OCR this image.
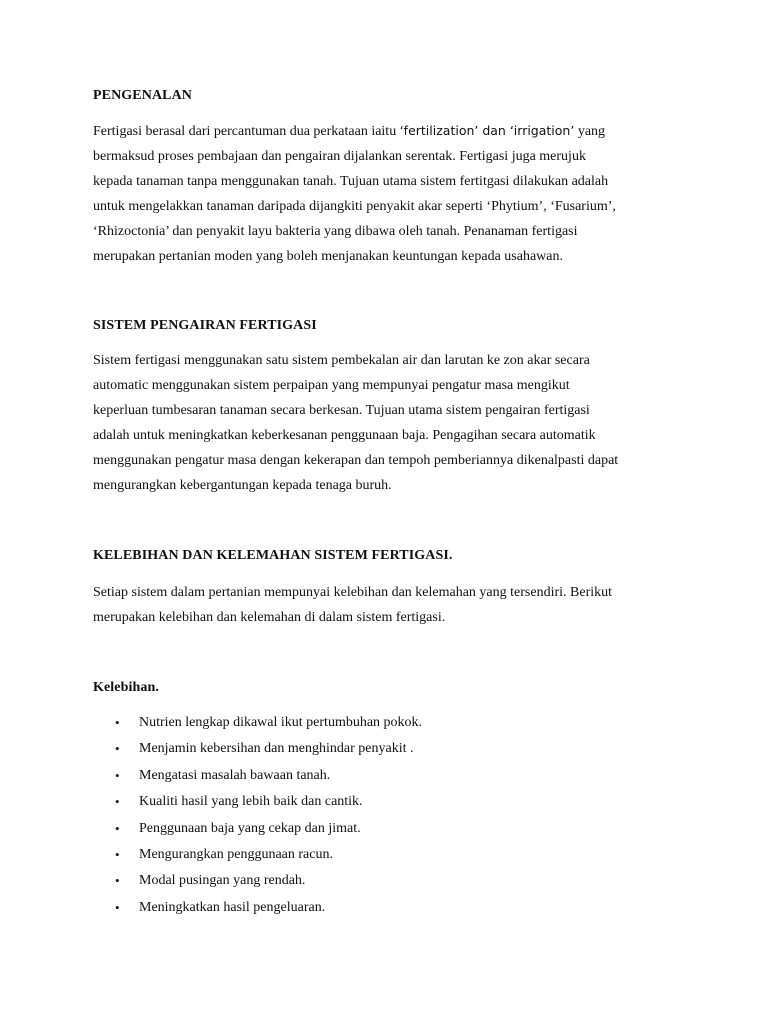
PENGENALAN

Fertigasi berasal dari percantuman dua perkataan iaitu ‘fertilization’ dan ‘irrigation’ yang
bermaksud proses pembajaan dan pengairan dijalankan serentak. Fertigasi juga merujuk
kepada tanaman tanpa menggunakan tanah. Tujuan utama sistem fertitgasi dilakukan adalah
untuk mengelakkan tanaman daripada dijangkiti penyakit akar seperti ‘Phytium’, ‘Fusarium’,
‘Rhizoctonia’ dan penyakit layu bakteria yang dibawa oleh tanah. Penanaman fertigasi
merupakan pertanian moden yang boleh menjanakan keuntungan kepada usahawan.

SISTEM PENGAIRAN FERTIGASI

Sistem fertigasi menggunakan satu sistem pembekalan air dan larutan ke zon akar secara
automatic menggunakan sistem perpaipan yang mempunyai pengatur masa mengikut
keperluan tumbesaran tanaman secara berkesan. Tujuan utama sistem pengairan fertigasi
adalah untuk meningkatkan keberkesanan penggunaan baja. Pengagihan secara automatik
menggunakan pengatur masa dengan kekerapan dan tempoh pemberiannya dikenalpasti dapat
mengurangkan kebergantungan kepada tenaga buruh.

KELEBIHAN DAN KELEMAHAN SISTEM FERTIGASI.

Setiap sistem dalam pertanian mempunyai kelebihan dan kelemahan yang tersendiri. Berikut
merupakan kelebihan dan kelemahan di dalam sistem fertigasi.

Kelebihan.
• Nutrien lengkap dikawal ikut pertumbuhan pokok.
• Menjamin kebersihan dan menghindar penyakit .
• Mengatasi masalah bawaan tanah.
• Kualiti hasil yang lebih baik dan cantik.
• Penggunaan baja yang cekap dan jimat.
• Mengurangkan penggunaan racun.
• Modal pusingan yang rendah.
• Meningkatkan hasil pengeluaran.
